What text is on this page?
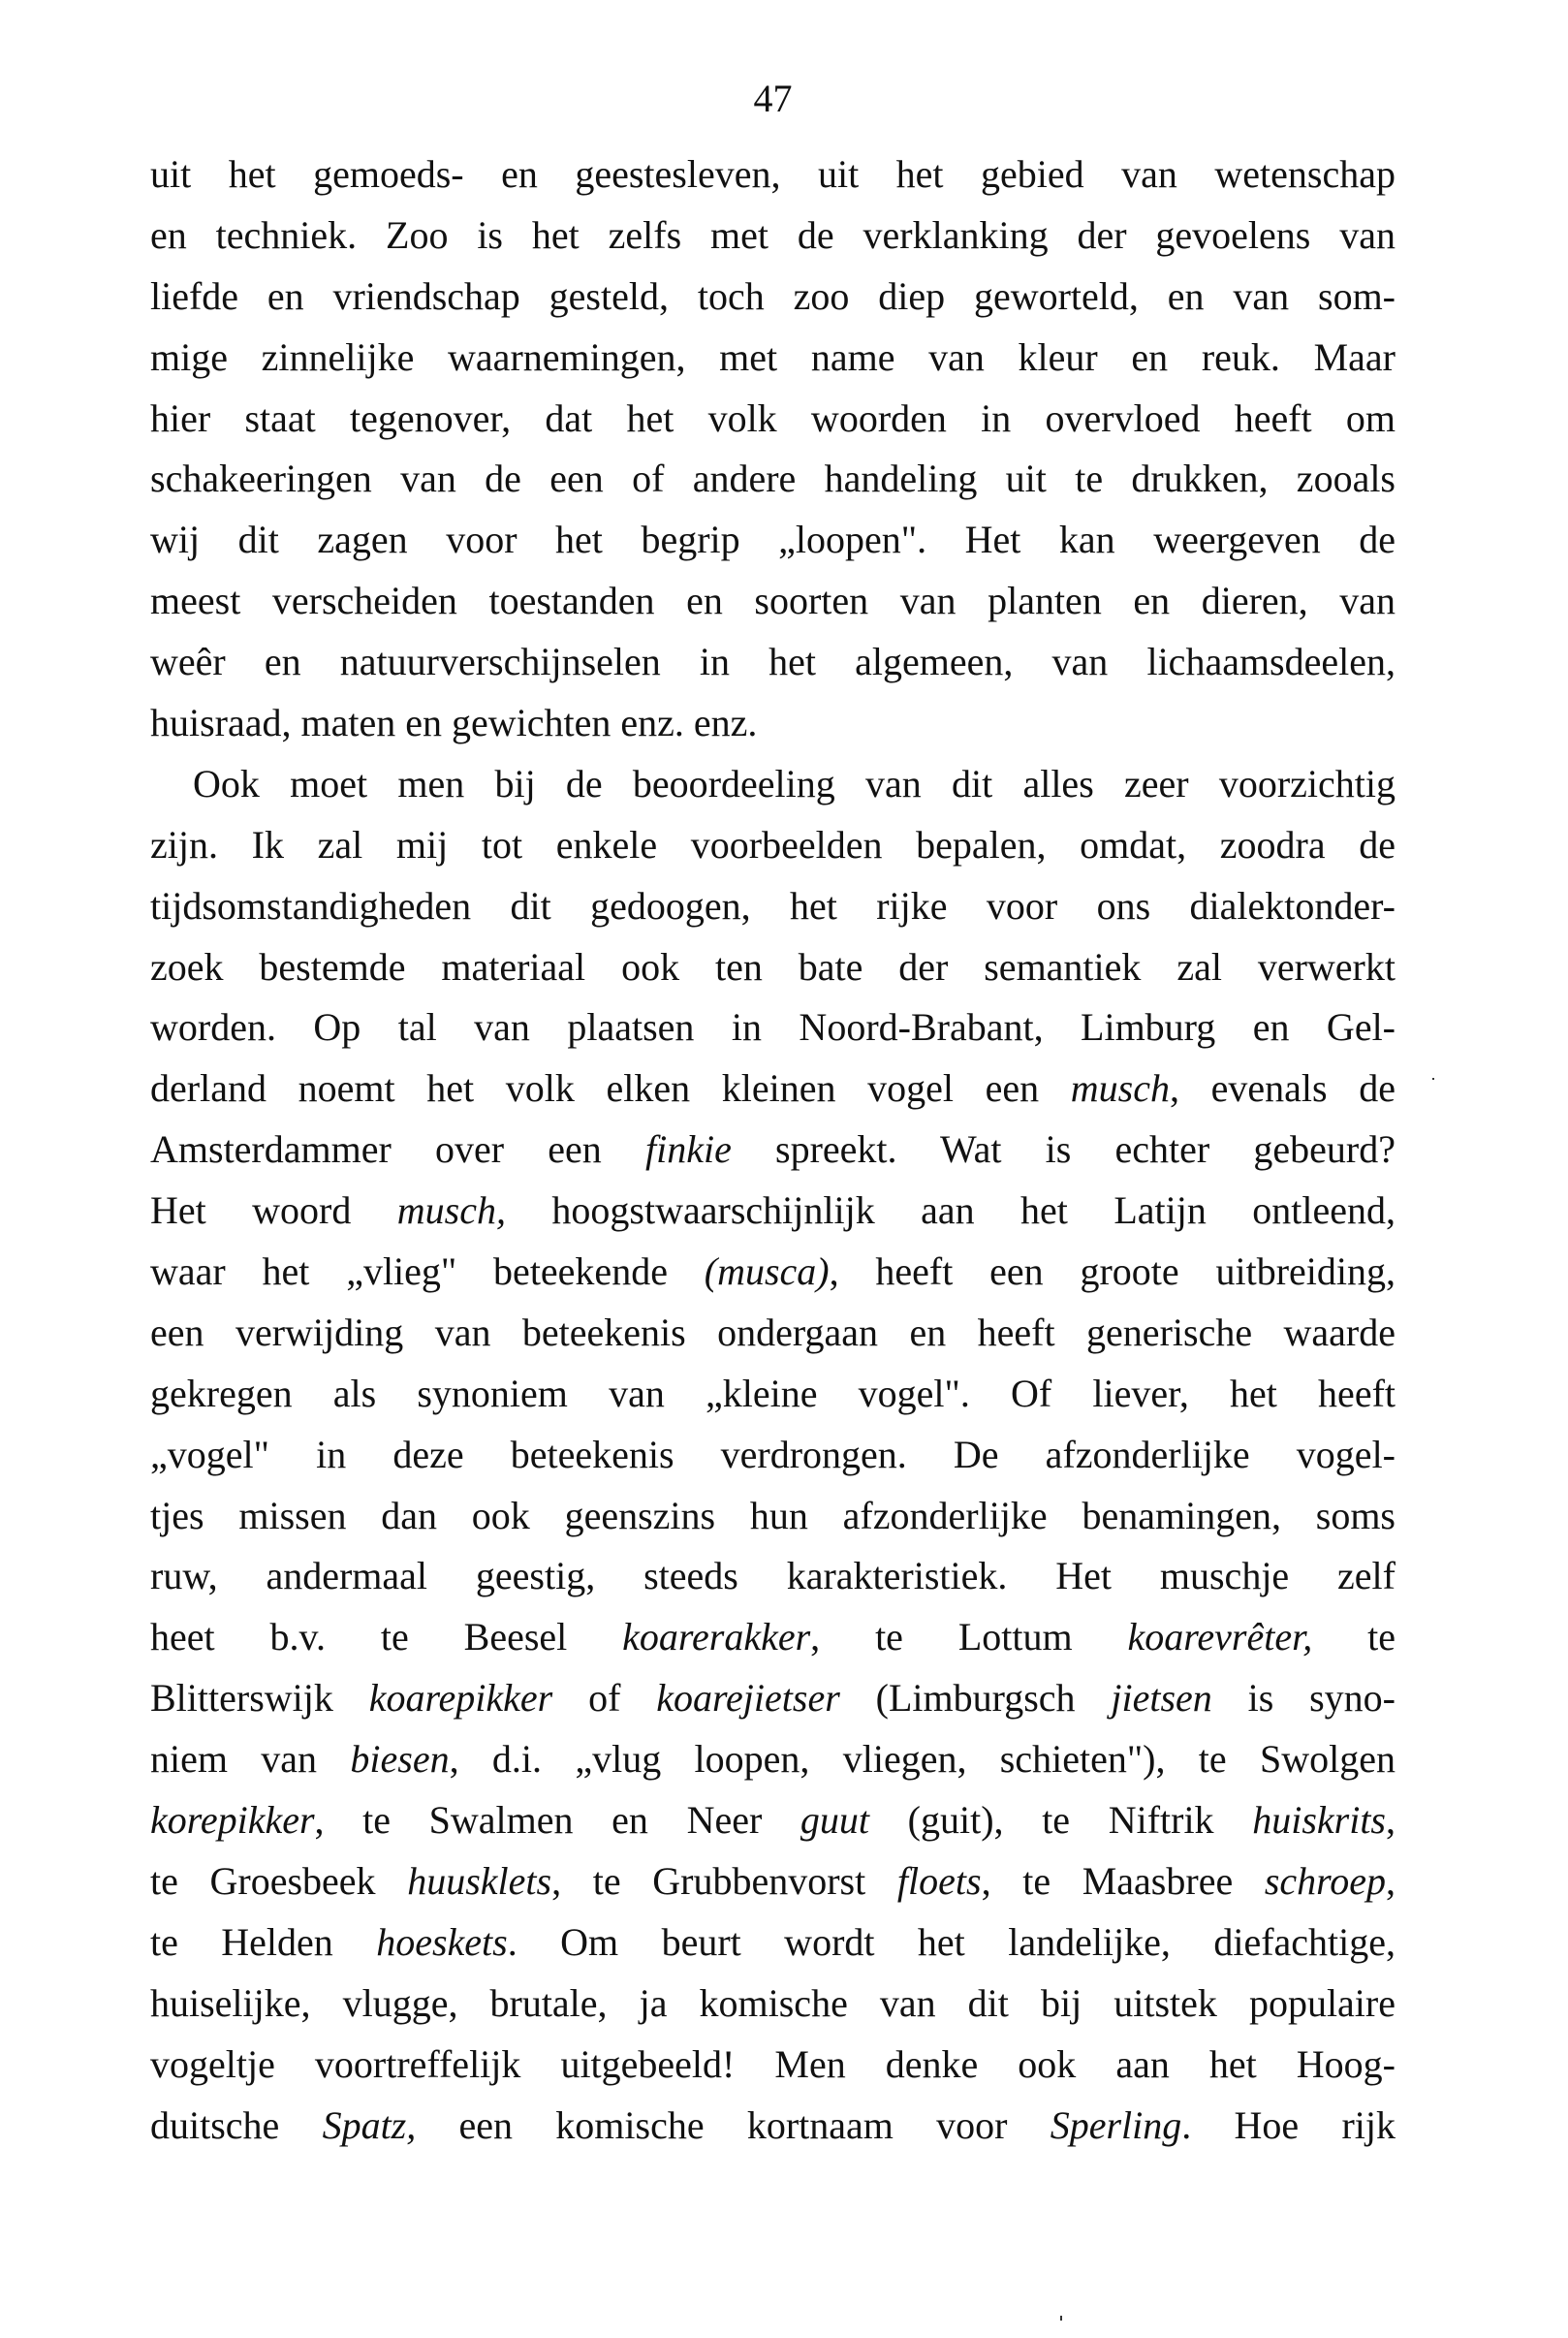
47
uit het gemoeds- en geestesleven, uit het gebied van wetenschap
en techniek. Zoo is het zelfs met de verklanking der gevoelens van
liefde en vriendschap gesteld, toch zoo diep geworteld, en van som-
mige zinnelijke waarnemingen, met name van kleur en reuk. Maar
hier staat tegenover, dat het volk woorden in overvloed heeft om
schakeeringen van de een of andere handeling uit te drukken, zooals
wij dit zagen voor het begrip „loopen". Het kan weergeven de
meest verscheiden toestanden en soorten van planten en dieren, van
weêr en natuurverschijnselen in het algemeen, van lichaamsdeelen,
huisraad, maten en gewichten enz. enz.
Ook moet men bij de beoordeeling van dit alles zeer voorzichtig
zijn. Ik zal mij tot enkele voorbeelden bepalen, omdat, zoodra de
tijdsomstandigheden dit gedoogen, het rijke voor ons dialektonder-
zoek bestemde materiaal ook ten bate der semantiek zal verwerkt
worden. Op tal van plaatsen in Noord-Brabant, Limburg en Gel-
derland noemt het volk elken kleinen vogel een musch, evenals de
Amsterdammer over een finkie spreekt. Wat is echter gebeurd?
Het woord musch, hoogstwaarschijnlijk aan het Latijn ontleend,
waar het „vlieg" beteekende (musca), heeft een groote uitbreiding,
een verwijding van beteekenis ondergaan en heeft generische waarde
gekregen als synoniem van „kleine vogel". Of liever, het heeft
„vogel" in deze beteekenis verdrongen. De afzonderlijke vogel-
tjes missen dan ook geenszins hun afzonderlijke benamingen, soms
ruw, andermaal geestig, steeds karakteristiek. Het muschje zelf
heet b.v. te Beesel koarerakker, te Lottum koarevrêter, te
Blitterswijk koarepikker of koarejietser (Limburgsch jietsen is syno-
niem van biesen, d.i. „vlug loopen, vliegen, schieten"), te Swolgen
korepikker, te Swalmen en Neer guut (guit), te Niftrik huiskrits,
te Groesbeek huusklets, te Grubbenvorst floets, te Maasbree schroep,
te Helden hoeskets. Om beurt wordt het landelijke, diefachtige,
huiselijke, vlugge, brutale, ja komische van dit bij uitstek populaire
vogeltje voortreffelijk uitgebeeld! Men denke ook aan het Hoog-
duitsche Spatz, een komische kortnaam voor Sperling. Hoe rijk
